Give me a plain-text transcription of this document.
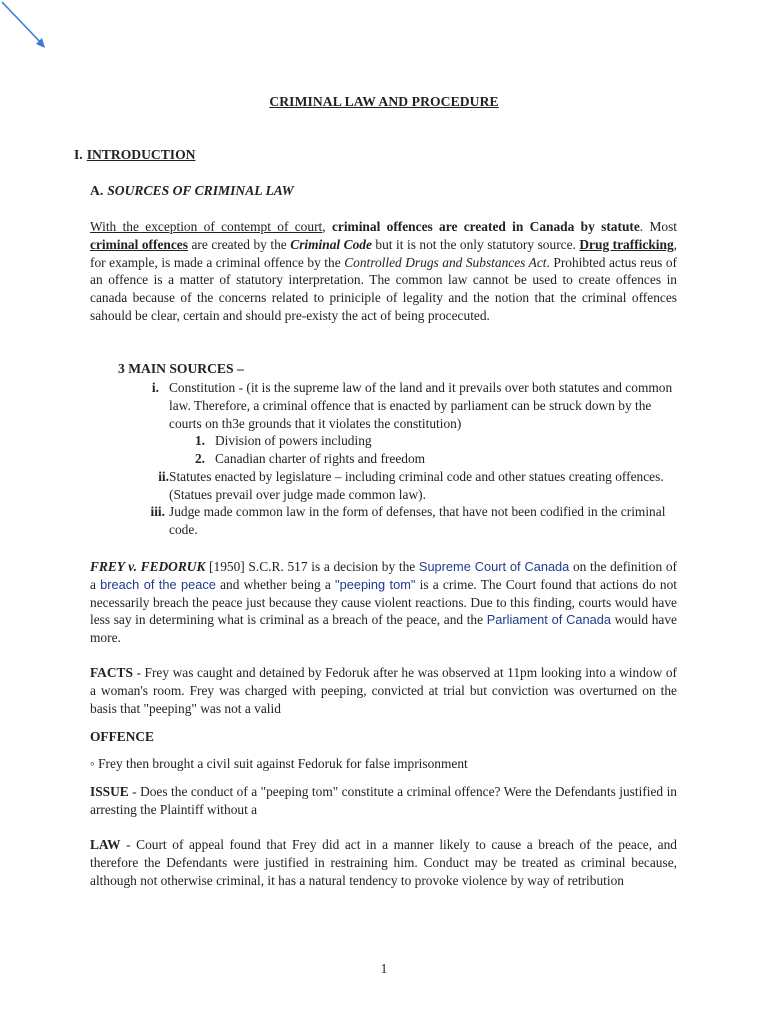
CRIMINAL LAW AND PROCEDURE
I. INTRODUCTION
A. SOURCES OF CRIMINAL LAW
With the exception of contempt of court, criminal offences are created in Canada by statute. Most criminal offences are created by the Criminal Code but it is not the only statutory source. Drug trafficking, for example, is made a criminal offence by the Controlled Drugs and Substances Act. Prohibted actus reus of an offence is a matter of statutory interpretation. The common law cannot be used to create offences in canada because of the concerns related to priniciple of legality and the notion that the criminal offences sahould be clear, certain and should pre-existy the act of being procecuted.
3 MAIN SOURCES –
i. Constitution - (it is the supreme law of the land and it prevails over both statutes and common law. Therefore, a criminal offence that is enacted by parliament can be struck down by the courts on th3e grounds that it violates the constitution)
1. Division of powers including
2. Canadian charter of rights and freedom
ii. Statutes enacted by legislature – including criminal code and other statues creating offences. (Statues prevail over judge made common law).
iii. Judge made common law in the form of defenses, that have not been codified in the criminal code.
FREY v. FEDORUK [1950] S.C.R. 517 is a decision by the Supreme Court of Canada on the definition of a breach of the peace and whether being a "peeping tom" is a crime. The Court found that actions do not necessarily breach the peace just because they cause violent reactions. Due to this finding, courts would have less say in determining what is criminal as a breach of the peace, and the Parliament of Canada would have more.
FACTS - Frey was caught and detained by Fedoruk after he was observed at 11pm looking into a window of a woman's room. Frey was charged with peeping, convicted at trial but conviction was overturned on the basis that "peeping" was not a valid
OFFENCE
◦ Frey then brought a civil suit against Fedoruk for false imprisonment
ISSUE - Does the conduct of a "peeping tom" constitute a criminal offence? Were the Defendants justified in arresting the Plaintiff without a
LAW - Court of appeal found that Frey did act in a manner likely to cause a breach of the peace, and therefore the Defendants were justified in restraining him. Conduct may be treated as criminal because, although not otherwise criminal, it has a natural tendency to provoke violence by way of retribution
1
